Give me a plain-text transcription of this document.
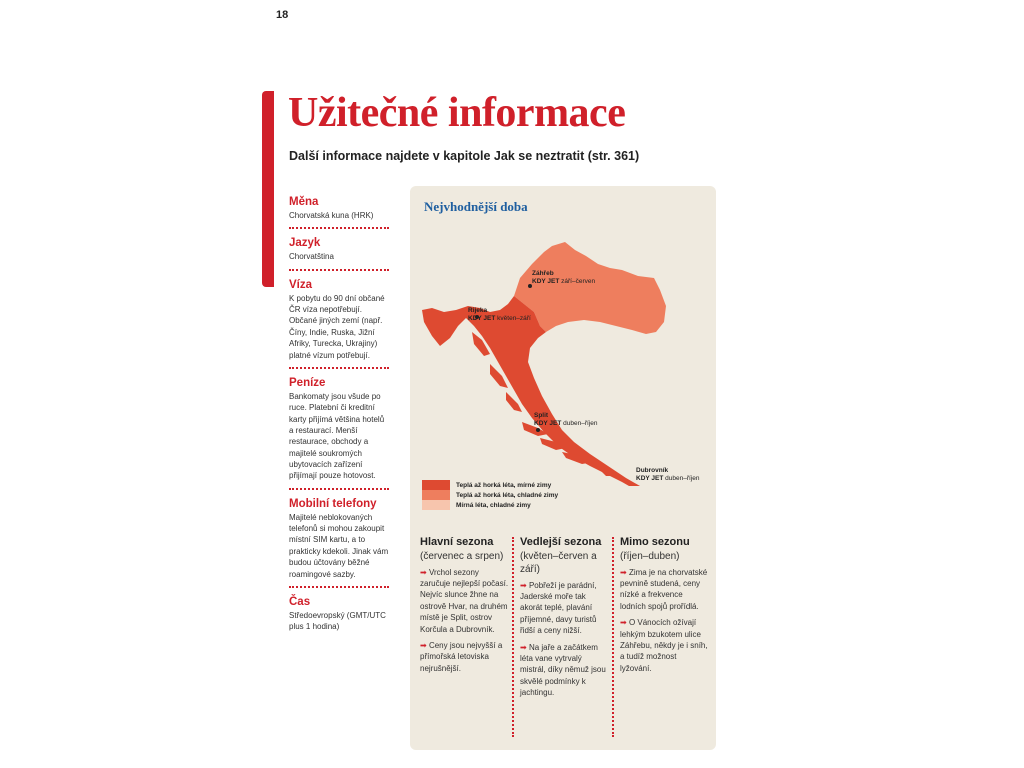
18
Užitečné informace
Další informace najdete v kapitole Jak se neztratit (str. 361)
Měna
Chorvatská kuna (HRK)
Jazyk
Chorvatština
Víza
K pobytu do 90 dní občané ČR víza nepotřebují. Občané jiných zemí (např. Číny, Indie, Ruska, Jižní Afriky, Turecka, Ukrajiny) platné vízum potřebují.
Peníze
Bankomaty jsou všude po ruce. Platební či kreditní karty přijímá většina hotelů a restaurací. Menší restaurace, obchody a majitelé soukromých ubytovacích zařízení přijímají pouze hotovost.
Mobilní telefony
Majitelé neblokovaných telefonů si mohou zakoupit místní SIM kartu, a to prakticky kdekoli. Jinak vám budou účtovány běžné roamingové sazby.
Čas
Středoevropský (GMT/UTC plus 1 hodina)
Nejvhodnější doba
Záhřeb
KDY JET září–červen
Rijeka
KDY JET květen–září
Split
KDY JET duben–říjen
Dubrovník
KDY JET duben–říjen
Teplá až horká léta, mírné zimy
Teplá až horká léta, chladné zimy
Mírná léta, chladné zimy
Hlavní sezona
(červenec a srpen)
➡ Vrchol sezony zaručuje nejlepší počasí. Nejvíc slunce žhne na ostrově Hvar, na druhém místě je Split, ostrov Korčula a Dubrovník.
➡ Ceny jsou nejvyšší a přímořská letoviska nejrušnější.
Vedlejší sezona
(květen–červen a září)
➡ Pobřeží je parádní, Jaderské moře tak akorát teplé, plavání příjemné, davy turistů řidší a ceny nižší.
➡ Na jaře a začátkem léta vane vytrvalý mistrál, díky němuž jsou skvělé podmínky k jachtingu.
Mimo sezonu
(říjen–duben)
➡ Zima je na chorvatské pevnině studená, ceny nízké a frekvence lodních spojů prořídlá.
➡ O Vánocích ožívají lehkým bzukotem ulice Záhřebu, někdy je i sníh, a tudíž možnost lyžování.
